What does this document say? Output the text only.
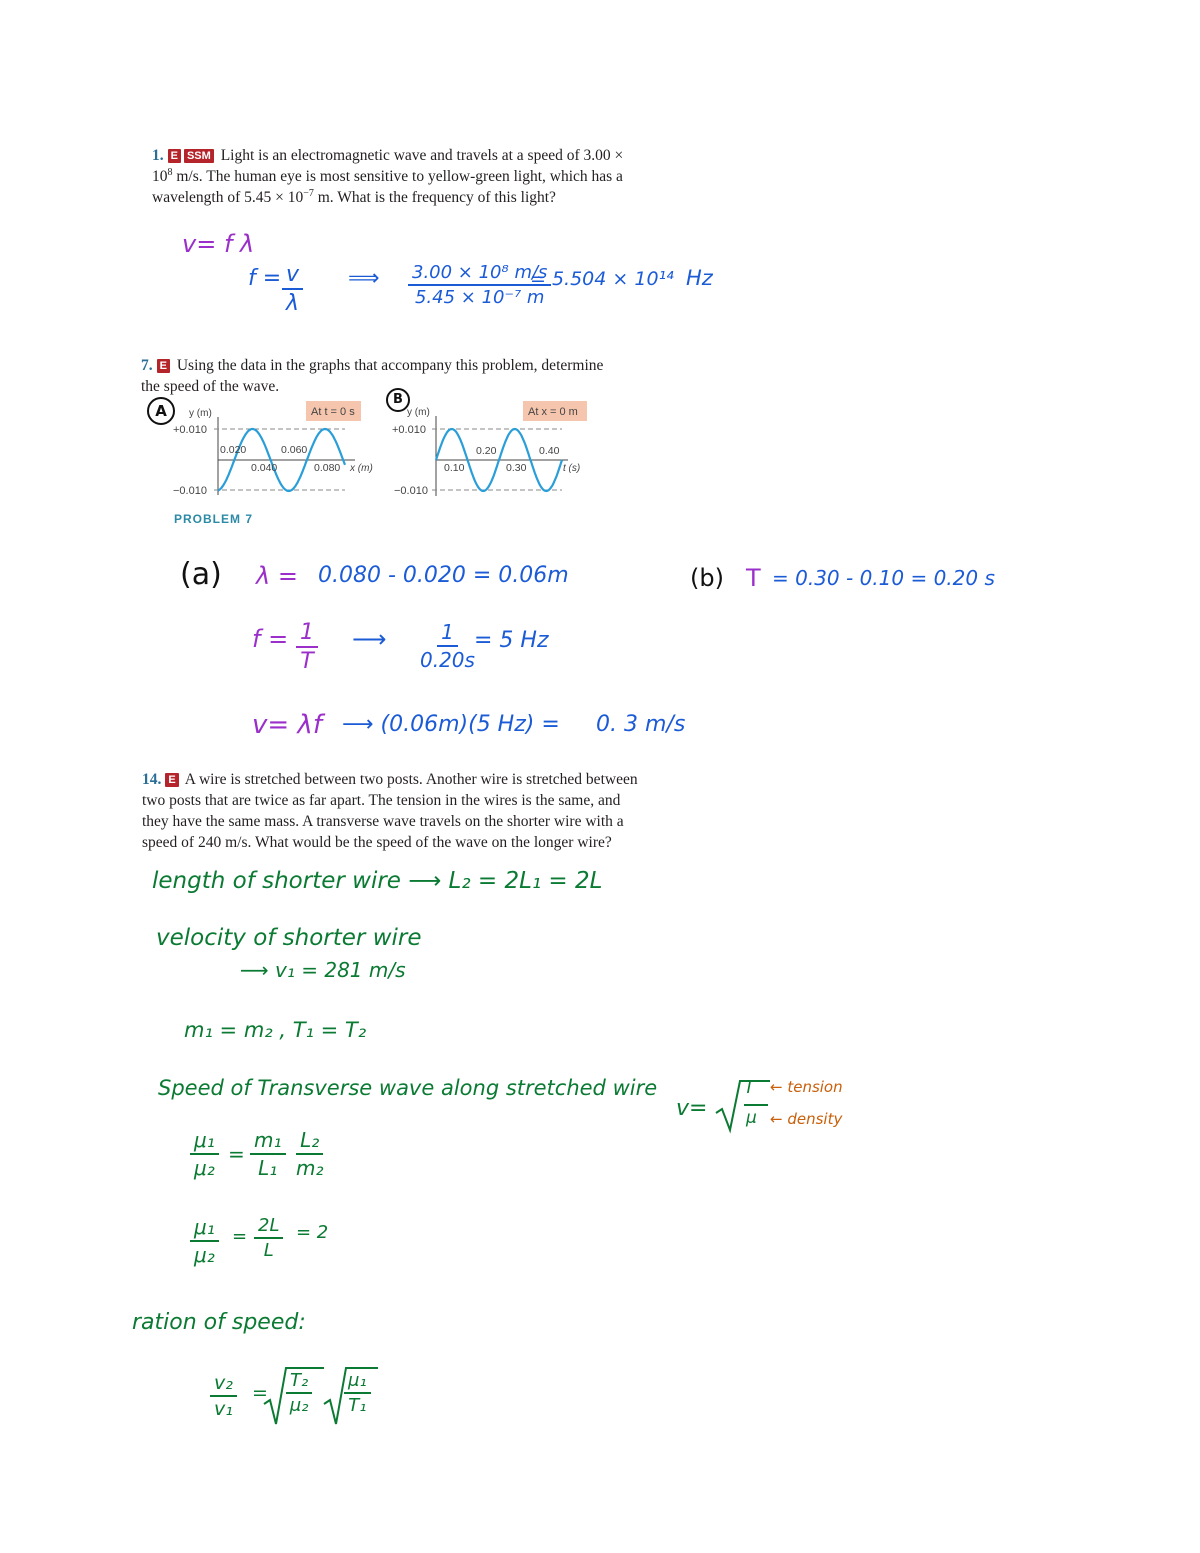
1. E SSM Light is an electromagnetic wave and travels at a speed of 3.00 ×
$10^8$ m/s. The human eye is most sensitive to yellow-green light, which has a
wavelength of $5.45 \times 10^{-7}$ m. What is the frequency of this light?
v= f λ
$f = \frac{v}{\lambda}$ ⟹ $\frac{\text{3.00 × 10⁸ m/s}}{\text{5.45 × 10⁻⁷ m}}$
= 5.504 × 10¹⁴ Hz
7. E Using the data in the graphs that accompany this problem, determine
the speed of the wave.
A	y (m)
+0.010
−0.010
At t = 0 s
0.020	0.060
0.040	0.080 x (m)
PROBLEM 7
B
y (m)
+0.010
−0.010
At x = 0 m
0.20	0.40
0.10	0.30	t (s)
(a) λ = 0.080 - 0.020 = 0.06m	(b) T = 0.30 - 0.10 = 0.20 s
$f = \frac{1}{T}$ ⟶ $\frac{1}{0.20s} = 5$ Hz
v= λf ⟶ (0.06m)(5 Hz) = 0. 3 m/s
14. E A wire is stretched between two posts. Another wire is stretched between
two posts that are twice as far apart. The tension in the wires is the same, and
they have the same mass. A transverse wave travels on the shorter wire with a
speed of 240 m/s. What would be the speed of the wave on the longer wire?
length of shorter wire ⟶ L₂ = 2L₁ = 2L
velocity of shorter wire
⟶ v₁ = 281 m/s
m₁ = m₂ , T₁ = T₂
Speed of Transverse wave along stretched wire
v=
T
μ
← tension
← density
$\frac{\text{μ₁}}{\text{μ₂}} = \frac{\text{m₁}}{\text{L₁}} \frac{\text{L₂}}{\text{m₂}}$
$\frac{\text{μ₁}}{\text{μ₂}} = \frac{2L}{L} = 2$
ration of speed:
$\frac{\text{v₂}}{\text{v₁}} = \frac{\text{T₂}}{\text{μ₂}} \frac{\text{μ₁}}{\text{T₁}}$
